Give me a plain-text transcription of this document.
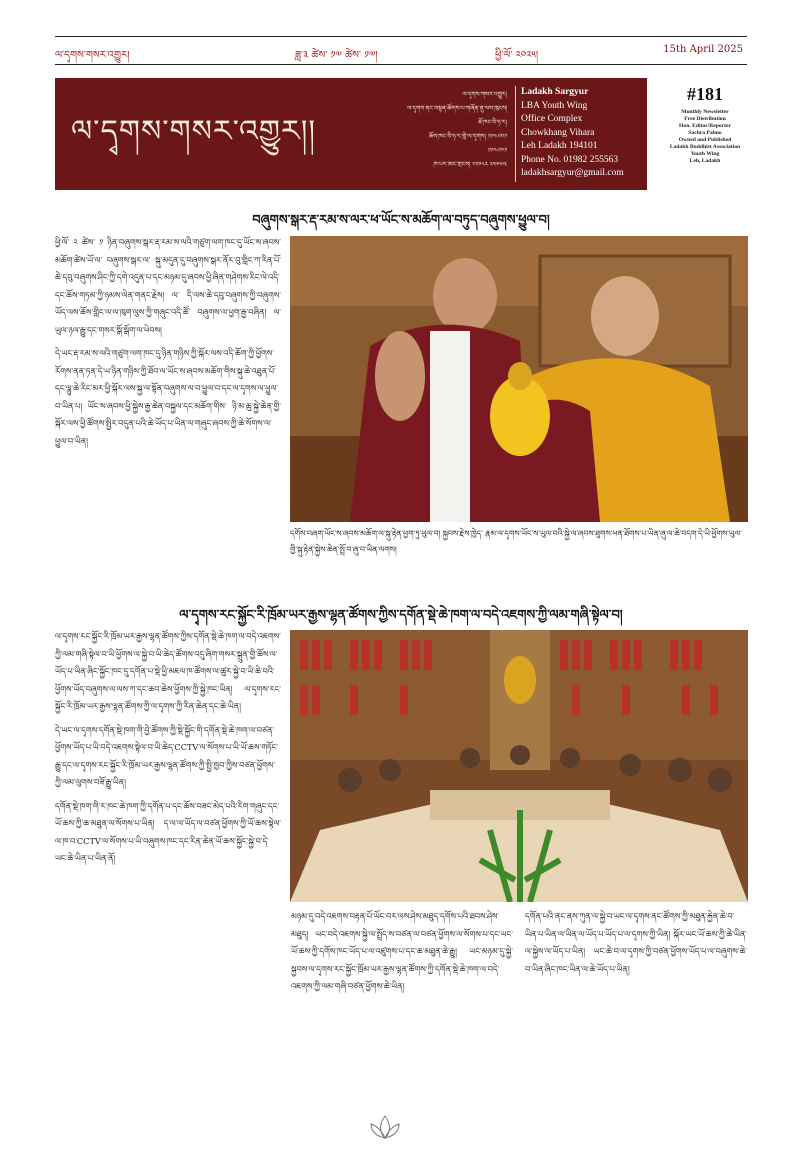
ལ་དྭགས་གསར་འགྱུར།	ཟླ་༣ ཚེས་ ༡༧ ཚེས་ ༡༧།	ཕྱི་ལོ་ ༢༠༢༥།
15th April 2025
ལ་དྭགས་གསར་འགྱུར།།
ལ་དྭགས་གསར་འགྱུར།
ལ་དྭགས་ནང་བསྟན་ཚོགས་པ་གཞོན་ནུ་ལས་ཁུངས།
ཇོ་ཁང་བི་ཧ་ར།
ཆོས་ཁང་བི་ཧ་ར་གླེ་ལ་དྭགས། ༡༩༤༡༠༡
༡༩༤༡༠༡
ཁ་པར་ཨང་གྲངས། ༠༡༩༨༢ ༢༥༥༥༦༣
Ladakh Sargyur
LBA Youth Wing
Office Complex
Chowkhang Vihara
Leh Ladakh 194101
Phone No. 01982 255563
ladakhsargyur@gmail.com
#181
Monthly Newsletter
Free Distribution
Hon. Editor/Reporter
Sachra Palmo
Owned and Published
Ladakh Buddhist Association
Youth Wing
Leh, Ladakh
བཞུགས་སྒར་རྡ་རམ་ས་ལར་ཕ་ཡོང་ས་མཆོག་ལ་བཏུད་བཞུགས་ཕྱུལ་བ།

ཕྱི་ལོ་ ༢ ཚེས་ ༡ ཉིན་བཞུགས་སྒར་རྡ་རམ་ས་ལའི་གཙུག་ལག་ཁང་དུ་ཡོང་ས་ཞབས་མཆོག་ཚེས་ཡོ་ལ་ བཞུགས་སྒར་ལ་ སྐུ་མདུན་དུ་བཞུགས་སྒར་ནོར་བུ་གླིང་ཀ་རིན་པོ་ཆེ་དབུ་བཞུགས་ཤིང་ཀྱི་དགེ་འདུན་པ་དང་མཉམ་དུ་ཞབས་ཕྱི་ཞིན་གཤེགས་རིང་ལེ་འདི་དང་ཆོས་གཏམ་ཀྱི་ཉམས་ལེན་གནང་རྗེས། ལ་ དི་ལས་ཆེ་དབུ་བཞུགས་ཀྱི་བཞུགས་ཡོད་ལས་ཆོས་གླིང་ལ་ལ་ཁུག་ལུས་ཀྱི་གཞུང་འདི་ཚོ་ བཞུགས་ལ་ཕྱག་རྒྱ་བཞིན། ལ་ཡུལ་ཉལ་རྒྱུ་དང་གསར་སྒོ་སྒོག་ལ་ཕེབས།

དེ་ཡང་རྡ་རམ་ས་ལའི་གཙུག་ལག་ཁང་དུ་ཉིན་གཉིས་ཀྱི་སྐོར་ལས་འདི་ཆོག་ཀྱི་ཕྱོགས་རོགས་ནན་ཏན་དེ་ཡ་ཉིན་གཉིས་ཀྱི་ཐོབ་ལ་ཡོང་ས་ཞབས་མཆོག་གིས་སྐུ་ཆེ་འཐུན་པོ་དང་ལྷུ་ཆེ་རིང་མར་ཕྱི་སྐོར་ལས་སྐྱ་ལ་སྟོན་བཞུགས་ལ་བ་ཕྱུལ་བ་དང་ལ་དྭགས་ལ་ཕྱུལ་བ་ཡིན་པ། ཡོང་ས་ཞབས་ཕྱི་སྐྱེས་རྒྱ་ཆེན་བསྐྱལ་དང་མཆོག་གིས་ ཉི་མ་ཆུ་སྐྱེ་ཆེན་གྱི་སྐོར་ལས་ཕྱི་ཚོགས་སྤྱིར་བདུན་པའི་ཆེ་ཡོད་པ་ཡིན་ལ་གཞུང་ཞབས་ཀྱི་ཆེ་སོགས་ལ་ཕྱུལ་བ་ཡིན།

དགོས་བཞག་ཡོང་ས་ཞབས་མཆོག་ལ་སྐུ་རྟེན་ཕྱག་ཏུ་ཕུལ་བ། སྐྱབས་རྗེས་ཁྱེད་ རྣམ་ལ་དྭགས་ཡོང་ས་ཡུལ་བའི་སྐྱེ་ལ་ཞབས་ཐུགས་ཕན་ཐོགས་པ་ཡིན་ཞུ་ལ་ཆེ་བདག་དེ་ཡི་ཕྱོགས་ཡུལ་གྱི་སྐུ་རྟེན་སྐྱེས་ཆེན་སྤྲོ་བ་ཞུ་བ་ཡིན་ལགས།
ལ་དྭགས་རང་སྐྱོང་རི་ཁྲོམ་ཡར་རྒྱས་ལྷན་ཚོགས་ཀྱིས་དགོན་སྡེ་ཆེ་ཁག་ལ་བདེ་འཇགས་ཀྱི་ལམ་གཞི་སྟེལ་བ།

ལ་དྭགས་རང་སྐྱོང་རི་ཁྲོམ་ཡར་རྒྱས་ལྷན་ཚོགས་ཀྱིས་དགོན་སྡེ་ཆེ་ཁག་ལ་བདེ་འཇགས་ཀྱི་ལམ་གཞི་སྟེལ་བ་ཡི་ཕྱོགས་ལ་སྐྱེ་བ་ཡི་ཆེད་ཚོགས་འདུ་ཞིག་གསར་སྐྲུན་གྱི་ཆོས་ལ་ཡོད་པ་ཡིན་ཞིང་སྐྱོང་ཁང་དུ་དགོན་པ་སྡེ་ཕྱི་མཇལ་ཁ་ཚོགས་ལ་ཚུར་སྐྱེ་བ་ཡི་ཆེ་བའི་ཕྱོགས་ཡོད་བཞུགས་ལ་ལས་ཀ་དང་ཆབ་ཆེས་ཕྱོགས་ཀྱི་སྐྱེ་ཁང་ཡིན། ལ་དྭགས་རང་སྐྱོང་རི་ཁྲོམ་ཡར་རྒྱས་ལྷན་ཚོགས་ཀྱི་ལ་དྭགས་ཀྱི་རིན་ཆེན་དང་ཆེ་ཡིན།

དེ་ཡང་ལ་དྭགས་དགོན་སྡེ་ཁག་གི་བྱེ་ཚོགས་ཀྱི་སྡེ་སྐྱོང་གི་དགོན་སྡེ་ཆེ་ཁག་ལ་བཙན་ཕྱོགས་ཡོད་པ་ཡི་བདེ་འཇགས་སྟེལ་བ་ཡི་ཆེད་CCTV་ལ་སོགས་པ་ཡི་ཡོ་ཆས་གཏོང་རྒྱུ་དང་ལ་དྭགས་རང་སྐྱོང་རི་ཁྲོམ་ཡར་རྒྱས་ལྷན་ཚོགས་ཀྱི་སྤྱི་ཁྱབ་ཀྱིས་བཙན་ཕྱོགས་ཀྱི་ལམ་ལུགས་བཟོ་རྒྱུ་ཡིན།

དགོན་སྡེ་ཁག་གི་ར་ཁང་ཆེ་ཁག་ཀྱི་དགོན་པ་དང་ཆོས་བཟང་མེད་པའི་རིག་གཞུང་དང་ཡོ་ཆས་ཀྱི་ཆ་མཐུན་ལ་སོགས་པ་ཡིན། ད་ལ་ལ་ཡོད་ལ་བཙན་ཕྱོགས་ཀྱི་ཡོ་ཆས་སྟེལ་ལ་ཁ་བ་CCTV་ལ་སོགས་པ་ཡི་བཞུགས་ཁང་དང་རིན་ཆེན་ཡོ་ཆས་སྐྱོང་སྐྱེ་བ་དེ་ཡང་ཆེ་ཡིན་པ་ཡིན་ནོ།

མཉམ་དུ་བདེ་འཇགས་བརྟན་པོ་ཡོང་བར་ལས་ཤེས་མཐུད་དགོས་པའི་ཐབས་ཤེས་མཐུད། ཡང་བདེ་འཇགས་སྐྱེ་ལ་སྤྲོད་ས་བཙན་ལ་བཙན་ཕྱོགས་ལ་སོགས་པ་དང་ཡང་ཡོ་ཆས་ཀྱི་དགོས་ཁང་ཡོད་པ་ལ་འཛུགས་པ་དང་ཆ་མཐུན་ཆེ་རྒྱུ། ཡང་མཉམ་དུ་སྐྱེ་སྐྱབས་ལ་དྭགས་རང་སྐྱོང་ཁྲོམ་ཡར་རྒྱས་ལྷན་ཚོགས་ཀྱི་དགོན་སྡེ་ཆེ་ཁག་ལ་བདེ་འཇགས་ཀྱི་ལམ་གཞི་བཙན་ཕྱོགས་ཆེ་ཡིན།

དགོན་པའི་ནང་ནས་ཀུན་ལ་སྐྱེ་བ་ཡང་ལ་དྭགས་ནང་ཚོགས་ཀྱི་མཐུན་རྐྱེན་ཆེ་བ་ཡིན་པ་ཡིན་ལ་ཡིན་ལ་ཡོད་པ་ཡོད་པ་ལ་དྭགས་ཀྱི་ཡིན། སྐོར་ཡང་ཡོ་ཆས་ཀྱི་ཆེ་ཡིན་ལ་སྐྱེས་ལ་ཡོད་པ་ཡིན། ཡང་ཆེ་བ་ལ་དྭགས་ཀྱི་བཙན་ཕྱོགས་ཡོད་པ་ལ་བཞུགས་ཆེ་བ་ཡིན་ཞིང་ཁང་ཡིན་ལ་ཆེ་ཡོད་པ་ཡིན།
